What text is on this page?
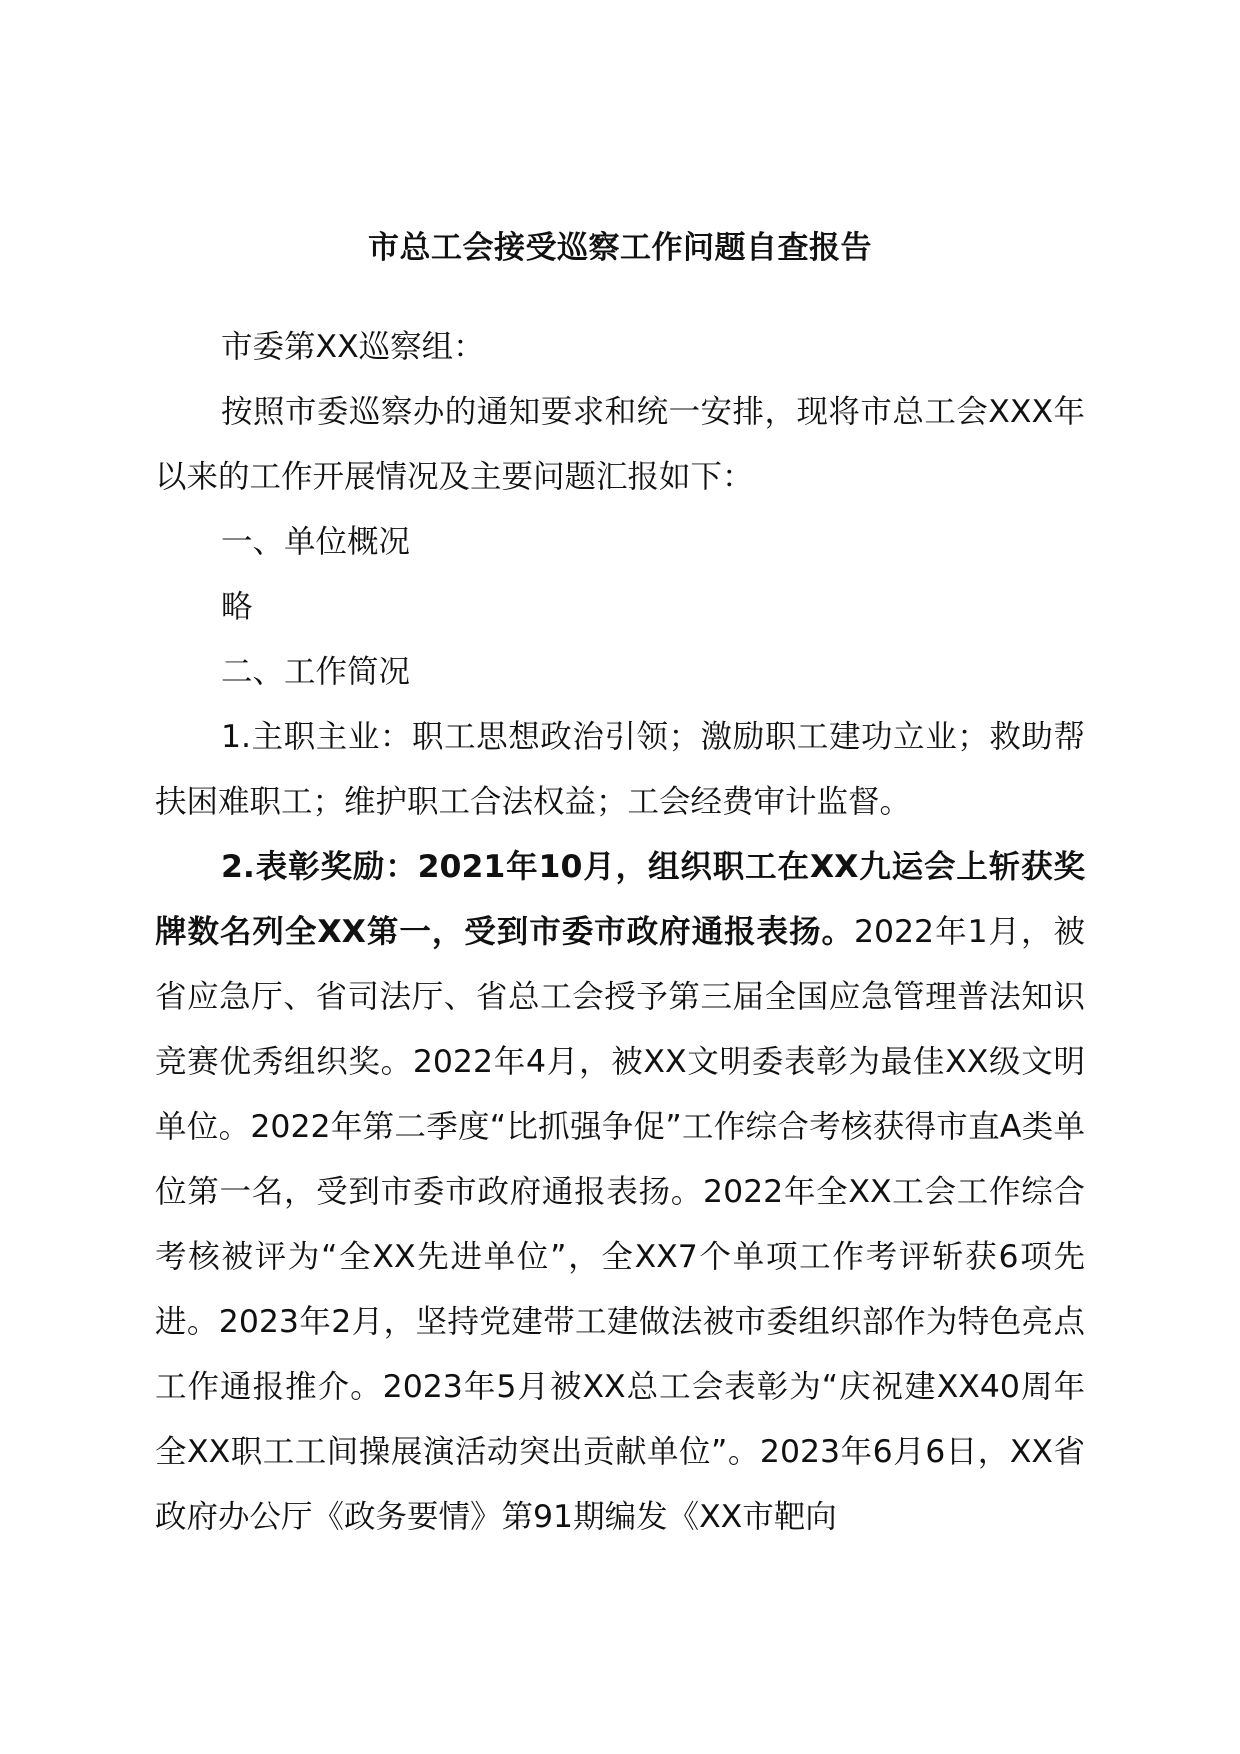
市总工会接受巡察工作问题自查报告

市委第XX巡察组：

按照市委巡察办的通知要求和统一安排，现将市总工会XXX年以来的工作开展情况及主要问题汇报如下：

一、单位概况

略

二、工作简况

1.主职主业：职工思想政治引领；激励职工建功立业；救助帮扶困难职工；维护职工合法权益；工会经费审计监督。

2.表彰奖励：2021年10月，组织职工在XX九运会上斩获奖牌数名列全XX第一，受到市委市政府通报表扬。2022年1月，被省应急厅、省司法厅、省总工会授予第三届全国应急管理普法知识竞赛优秀组织奖。2022年4月，被XX文明委表彰为最佳XX级文明单位。2022年第二季度“比抓强争促”工作综合考核获得市直A类单位第一名，受到市委市政府通报表扬。2022年全XX工会工作综合考核被评为“全XX先进单位”，全XX7个单项工作考评斩获6项先进。2023年2月，坚持党建带工建做法被市委组织部作为特色亮点工作通报推介。2023年5月被XX总工会表彰为“庆祝建XX40周年全XX职工工间操展演活动突出贡献单位”。2023年6月6日，XX省政府办公厅《政务要情》第91期编发《XX市靶向
